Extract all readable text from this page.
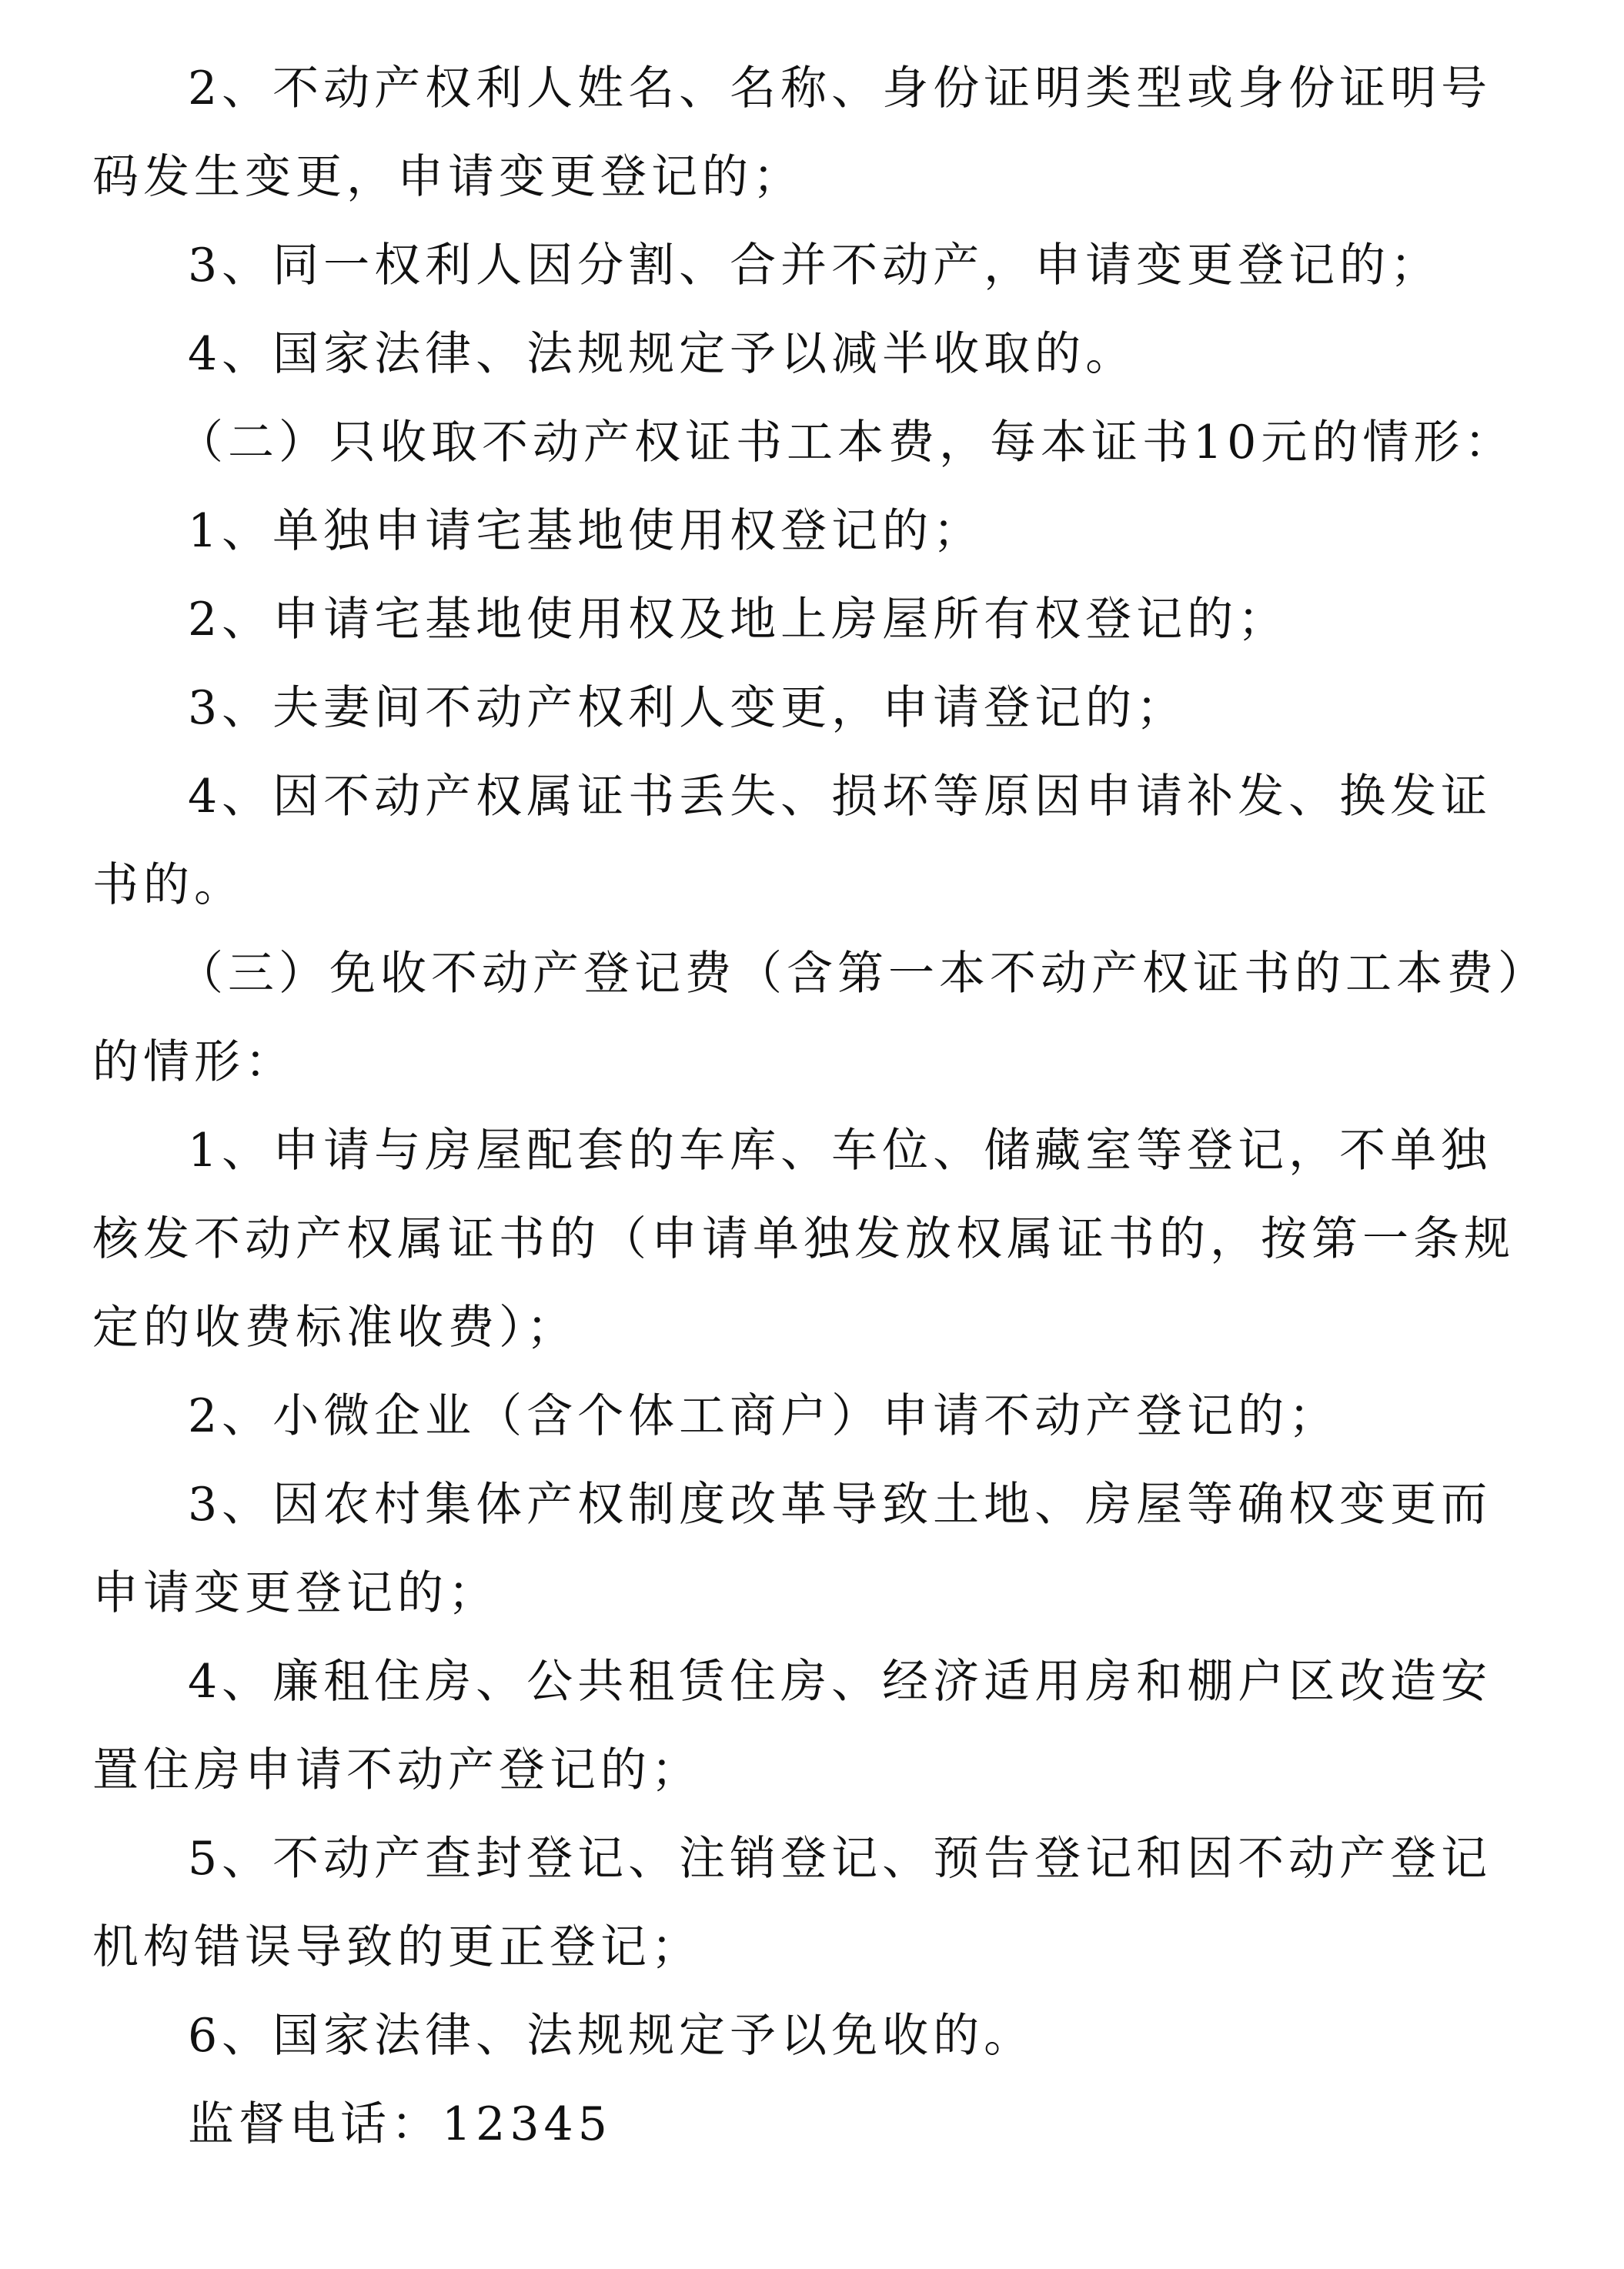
2、不动产权利人姓名、名称、身份证明类型或身份证明号码发生变更，申请变更登记的；

3、同一权利人因分割、合并不动产，申请变更登记的；

4、国家法律、法规规定予以减半收取的。

（二）只收取不动产权证书工本费，每本证书10元的情形：

1、单独申请宅基地使用权登记的；

2、申请宅基地使用权及地上房屋所有权登记的；

3、夫妻间不动产权利人变更，申请登记的；

4、因不动产权属证书丢失、损坏等原因申请补发、换发证书的。

（三）免收不动产登记费（含第一本不动产权证书的工本费）的情形：

1、申请与房屋配套的车库、车位、储藏室等登记，不单独核发不动产权属证书的（申请单独发放权属证书的，按第一条规定的收费标准收费）；

2、小微企业（含个体工商户）申请不动产登记的；

3、因农村集体产权制度改革导致土地、房屋等确权变更而申请变更登记的；

4、廉租住房、公共租赁住房、经济适用房和棚户区改造安置住房申请不动产登记的；

5、不动产查封登记、注销登记、预告登记和因不动产登记机构错误导致的更正登记；

6、国家法律、法规规定予以免收的。

监督电话：12345
